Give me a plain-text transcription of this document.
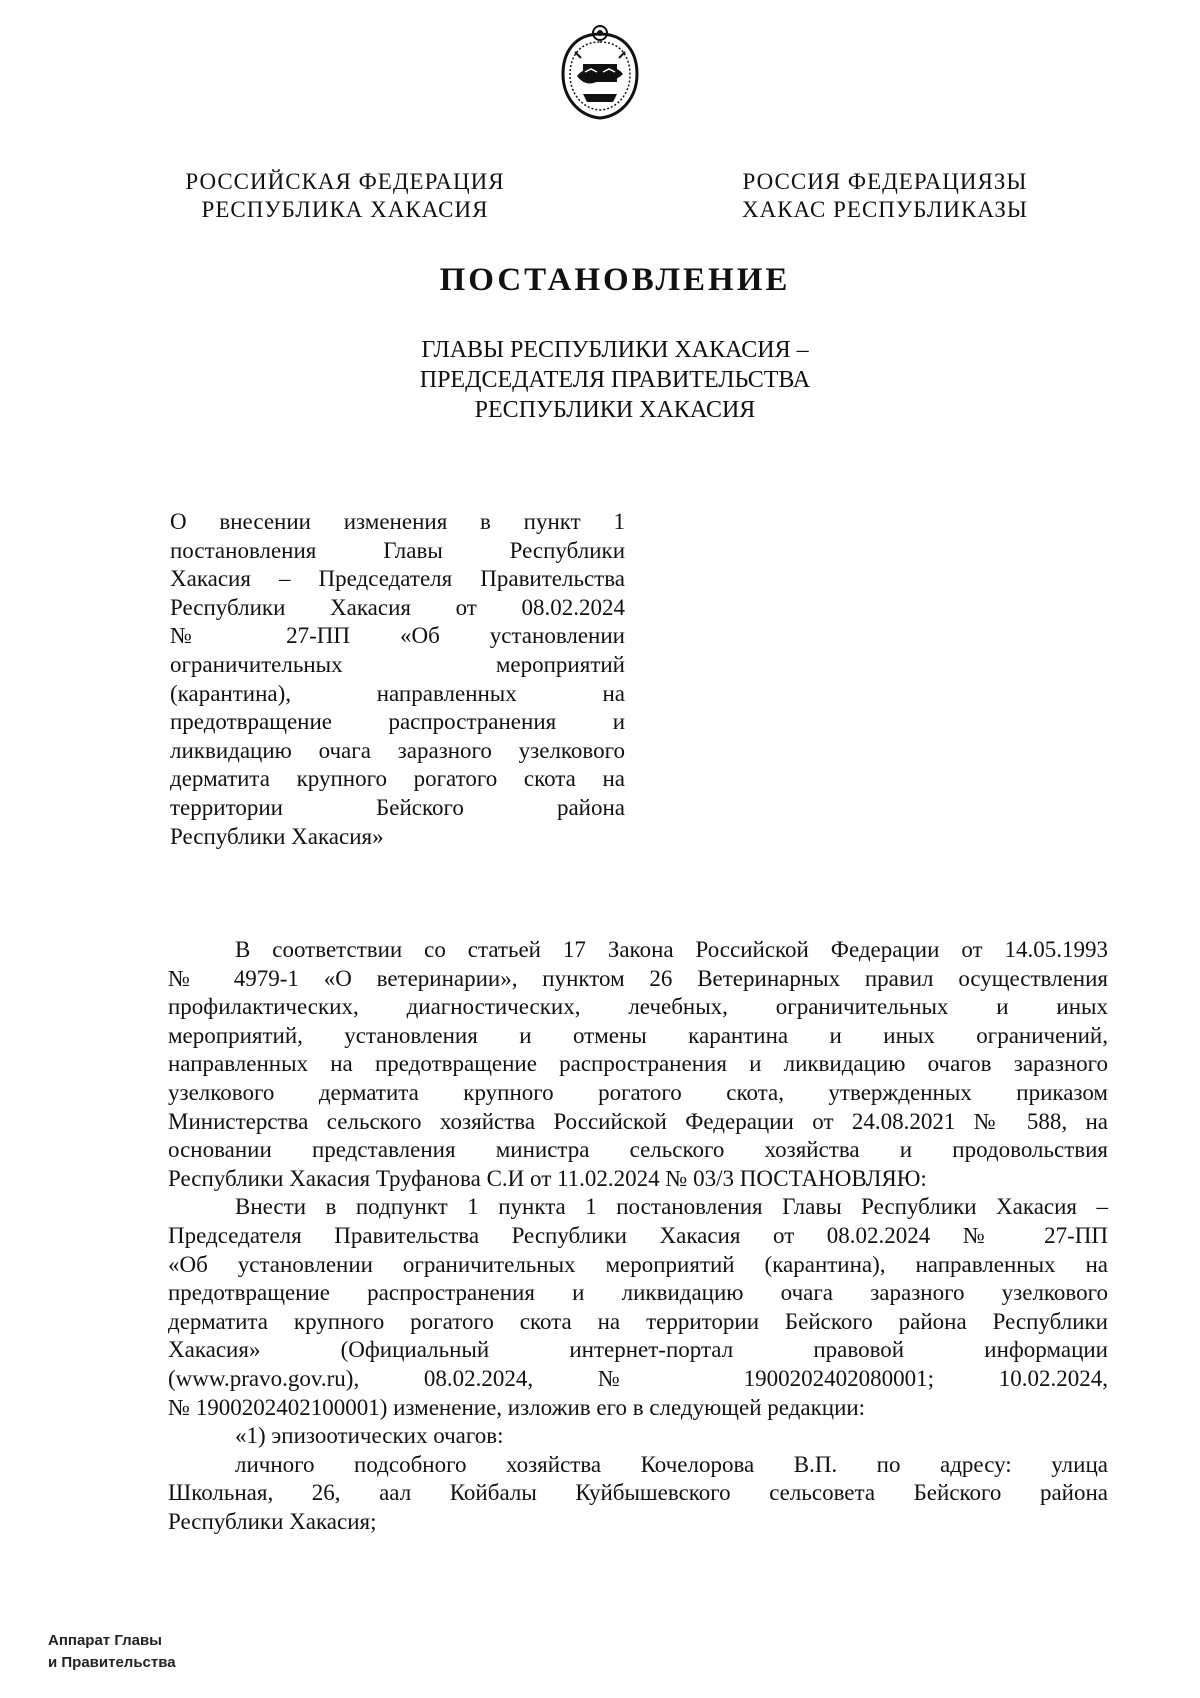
РОССИЙСКАЯ ФЕДЕРАЦИЯ
РЕСПУБЛИКА ХАКАСИЯ
РОССИЯ ФЕДЕРАЦИЯЗЫ
ХАКАС РЕСПУБЛИКАЗЫ
ПОСТАНОВЛЕНИЕ
ГЛАВЫ РЕСПУБЛИКИ ХАКАСИЯ –
ПРЕДСЕДАТЕЛЯ ПРАВИТЕЛЬСТВА
РЕСПУБЛИКИ ХАКАСИЯ
О внесении изменения в пункт 1
постановления Главы Республики
Хакасия – Председателя Правительства
Республики Хакасия от 08.02.2024
№ 27-ПП «Об установлении
ограничительных мероприятий
(карантина), направленных на
предотвращение распространения и
ликвидацию очага заразного узелкового
дерматита крупного рогатого скота на
территории Бейского района
Республики Хакасия»
В соответствии со статьей 17 Закона Российской Федерации от 14.05.1993
№ 4979-1 «О ветеринарии», пунктом 26 Ветеринарных правил осуществления
профилактических, диагностических, лечебных, ограничительных и иных
мероприятий, установления и отмены карантина и иных ограничений,
направленных на предотвращение распространения и ликвидацию очагов заразного
узелкового дерматита крупного рогатого скота, утвержденных приказом
Министерства сельского хозяйства Российской Федерации от 24.08.2021 № 588, на
основании представления министра сельского хозяйства и продовольствия
Республики Хакасия Труфанова С.И от 11.02.2024 № 03/3 ПОСТАНОВЛЯЮ:
Внести в подпункт 1 пункта 1 постановления Главы Республики Хакасия –
Председателя Правительства Республики Хакасия от 08.02.2024 № 27-ПП
«Об установлении ограничительных мероприятий (карантина), направленных на
предотвращение распространения и ликвидацию очага заразного узелкового
дерматита крупного рогатого скота на территории Бейского района Республики
Хакасия» (Официальный интернет-портал правовой информации
(www.pravo.gov.ru), 08.02.2024, № 1900202402080001; 10.02.2024,
№ 1900202402100001) изменение, изложив его в следующей редакции:
«1) эпизоотических очагов:
личного подсобного хозяйства Кочелорова В.П. по адресу: улица
Школьная, 26, аал Койбалы Куйбышевского сельсовета Бейского района
Республики Хакасия;
Аппарат Главы
и Правительства
